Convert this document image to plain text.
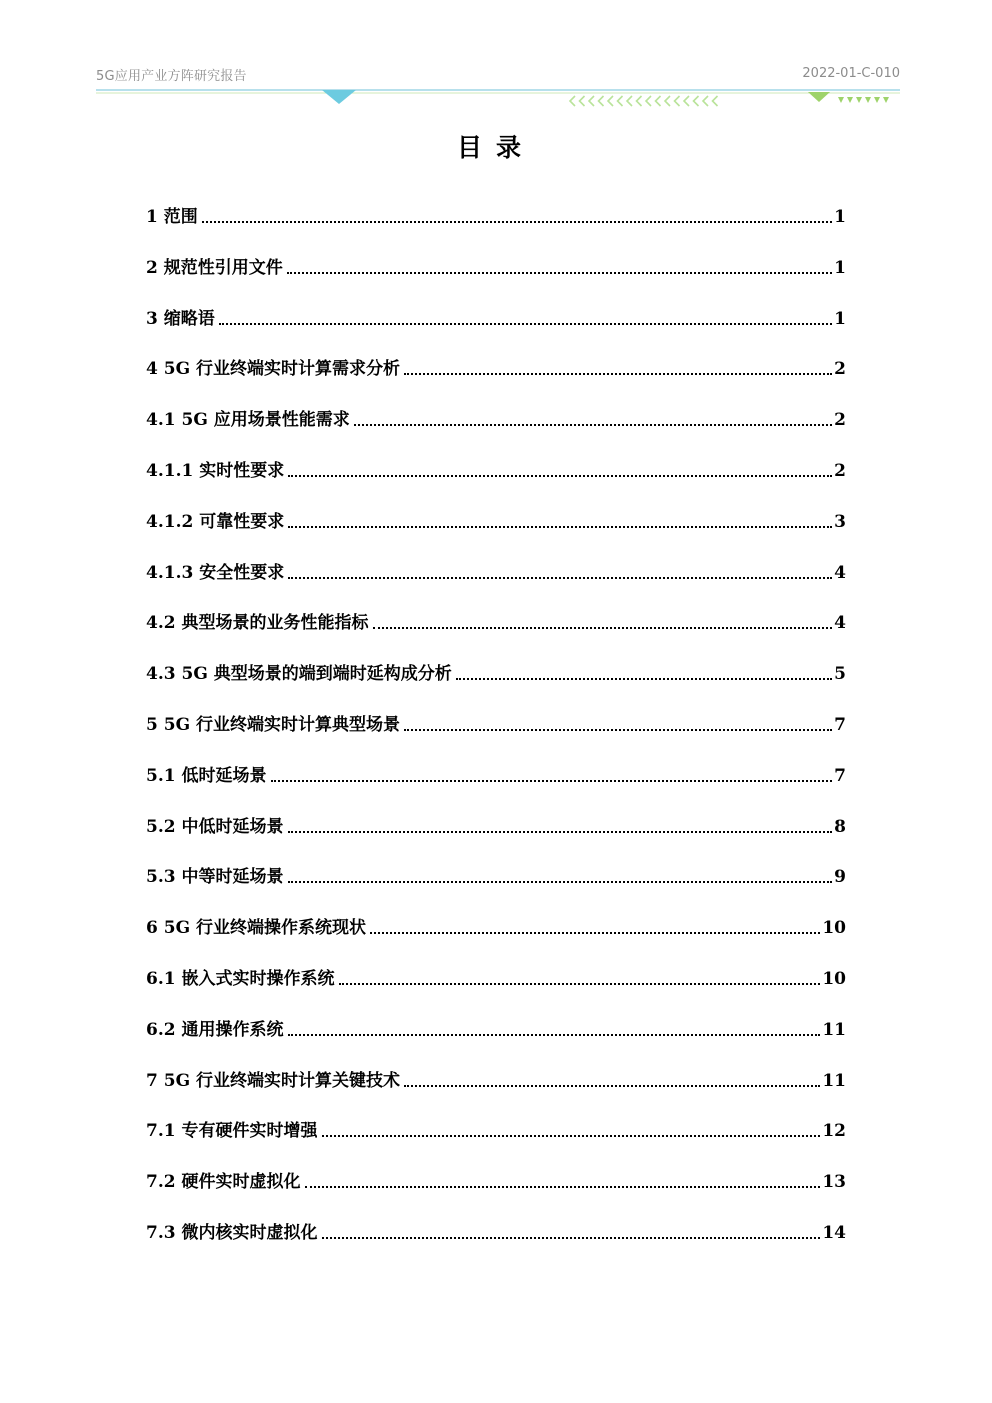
5G应用产业方阵研究报告	2022-01-C-010
目录
1 范围	1
2 规范性引用文件	1
3 缩略语	1
4 5G 行业终端实时计算需求分析	2
4.1 5G 应用场景性能需求	2
4.1.1 实时性要求	2
4.1.2 可靠性要求	3
4.1.3 安全性要求	4
4.2 典型场景的业务性能指标	4
4.3 5G 典型场景的端到端时延构成分析	5
5 5G 行业终端实时计算典型场景	7
5.1 低时延场景	7
5.2 中低时延场景	8
5.3 中等时延场景	9
6 5G 行业终端操作系统现状	10
6.1 嵌入式实时操作系统	10
6.2 通用操作系统	11
7 5G 行业终端实时计算关键技术	11
7.1 专有硬件实时增强	12
7.2 硬件实时虚拟化	13
7.3 微内核实时虚拟化	14
